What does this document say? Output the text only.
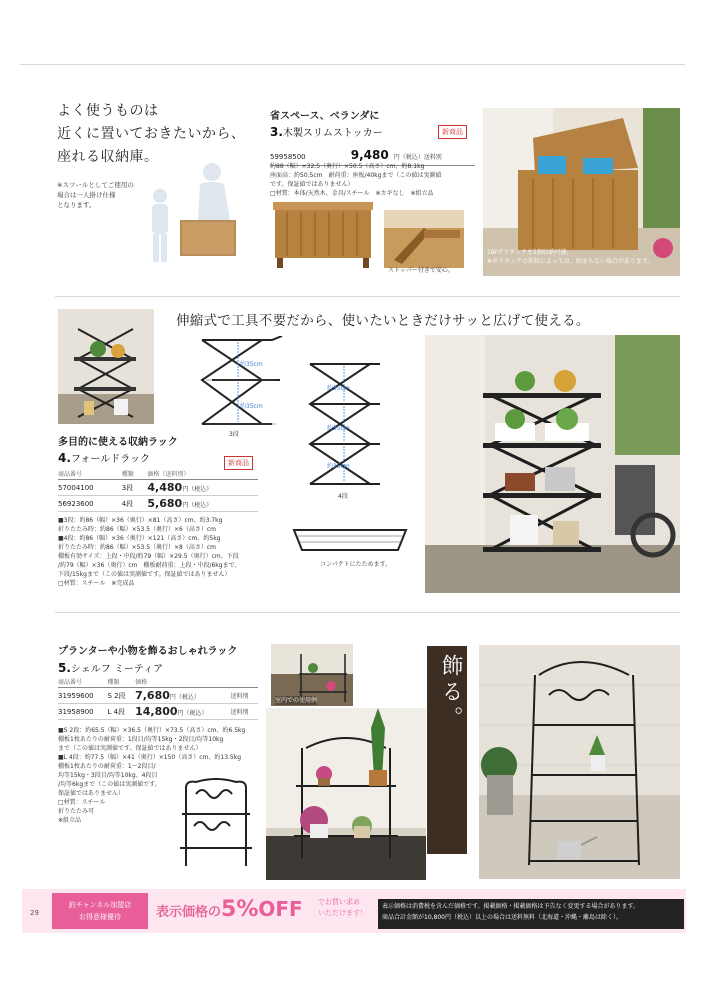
よく使うものは
近くに置いておきたいから、
座れる収納庫。
※スツールとしてご使用の
場合は一人掛け仕様
となります。
省スペース、ベランダに
3.木製スリムストッカー	新商品
59958500	9,480 円（税込）送料別
約88（幅）×32.5（奥行）×50.5（高さ）cm、約8.1kg
座面高：約50.5cm　耐荷重：座板/40kgまで（この値は実測値
です。保証値ではありません）
□材質：本体/天然木、金具/スチール　※カギなし　※組立品
ストッパー付きで安心。
18ℓポリタンクを2個収納可能。
※ポリタンクの形状によっては、納まらない場合があります。
伸縮式で工具不要だから、使いたいときだけサッと広げて使える。
約35cm
約35cm
3段
約35cm
約35cm
約35cm
4段
多目的に使える収納ラック
4.フォールドラック	新商品
商品番号	種類	価格（送料別）
57004100	3段	4,480円（税込）
56923600	4段	5,680円（税込）
■3段：約86（幅）×36（奥行）×81（高さ）cm、約3.7kg
折りたたみ時：約86（幅）×53.5（奥行）×6（高さ）cm
■4段：約86（幅）×36（奥行）×121（高さ）cm、約5kg
折りたたみ時：約86（幅）×53.5（奥行）×8（高さ）cm
棚板有効サイズ：上段・中段/約79（幅）×29.5（奥行）cm、下段
/約79（幅）×36（奥行）cm　棚板耐荷重：上段・中段/6kgまで、
下段/15kgまで（この値は実測値です。保証値ではありません）
□材質：スチール　※完成品
コンパクトにたためます。
プランターや小物を飾るおしゃれラック
5.シェルフ ミーティア
商品番号	種類	価格	
31959600	S 2段	7,680円（税込）	送料別
31958900	L 4段	14,800円（税込）	送料別
■S 2段：約65.5（幅）×36.5（奥行）×73.5（高さ）cm、約6.5kg
棚板1枚あたりの耐荷重：1段目/均等15kg・2段目/均等10kg
まで（この値は実測値です。保証値ではありません）
■L 4段：約77.5（幅）×41（奥行）×150（高さ）cm、約13.5kg
棚板1枚あたりの耐荷重：1〜2段目/
均等15kg・3段目/均等10kg、4段目
/均等6kgまで（この値は実測値です。
保証値ではありません）
□材質：スチール
折りたたみ可
※組立品
室内での使用例
飾る。
29
釣チャンネル加盟店
お得意様優待	表示価格の5%OFF でお買い求め
いただけます！
表示価格は消費税を含んだ価格です。掲載価格・掲載価格は予告なく変更する場合があります。
商品合計金額が10,800円（税込）以上の場合は送料無料（北海道・沖縄・離島は除く）。
